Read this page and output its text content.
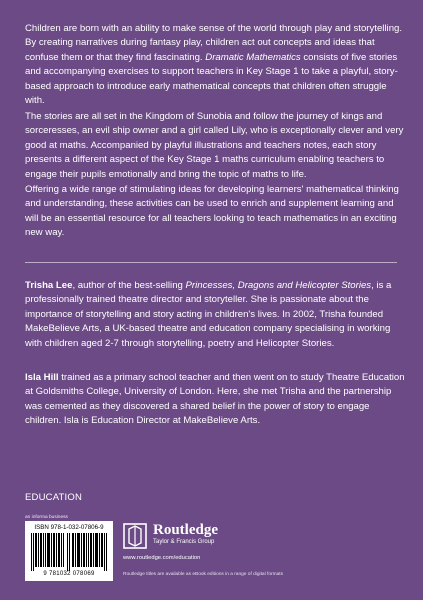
Children are born with an ability to make sense of the world through play and storytelling. By creating narratives during fantasy play, children act out concepts and ideas that confuse them or that they find fascinating. Dramatic Mathematics consists of five stories and accompanying exercises to support teachers in Key Stage 1 to take a playful, story-based approach to introduce early mathematical concepts that children often struggle with.

The stories are all set in the Kingdom of Sunobia and follow the journey of kings and sorceresses, an evil ship owner and a girl called Lily, who is exceptionally clever and very good at maths. Accompanied by playful illustrations and teachers notes, each story presents a different aspect of the Key Stage 1 maths curriculum enabling teachers to engage their pupils emotionally and bring the topic of maths to life.

Offering a wide range of stimulating ideas for developing learners' mathematical thinking and understanding, these activities can be used to enrich and supplement learning and will be an essential resource for all teachers looking to teach mathematics in an exciting new way.

Trisha Lee, author of the best-selling Princesses, Dragons and Helicopter Stories, is a professionally trained theatre director and storyteller. She is passionate about the importance of storytelling and story acting in children's lives. In 2002, Trisha founded MakeBelieve Arts, a UK-based theatre and education company specialising in working with children aged 2-7 through storytelling, poetry and Helicopter Stories.

Isla Hill trained as a primary school teacher and then went on to study Theatre Education at Goldsmiths College, University of London. Here, she met Trisha and the partnership was cemented as they discovered a shared belief in the power of story to engage children. Isla is Education Director at MakeBelieve Arts.

EDUCATION
an informa business
ISBN 978-1-032-07806-9
9 781032 078069
Routledge
Taylor & Francis Group
www.routledge.com/education
Routledge titles are available as eBook editions in a range of digital formats
